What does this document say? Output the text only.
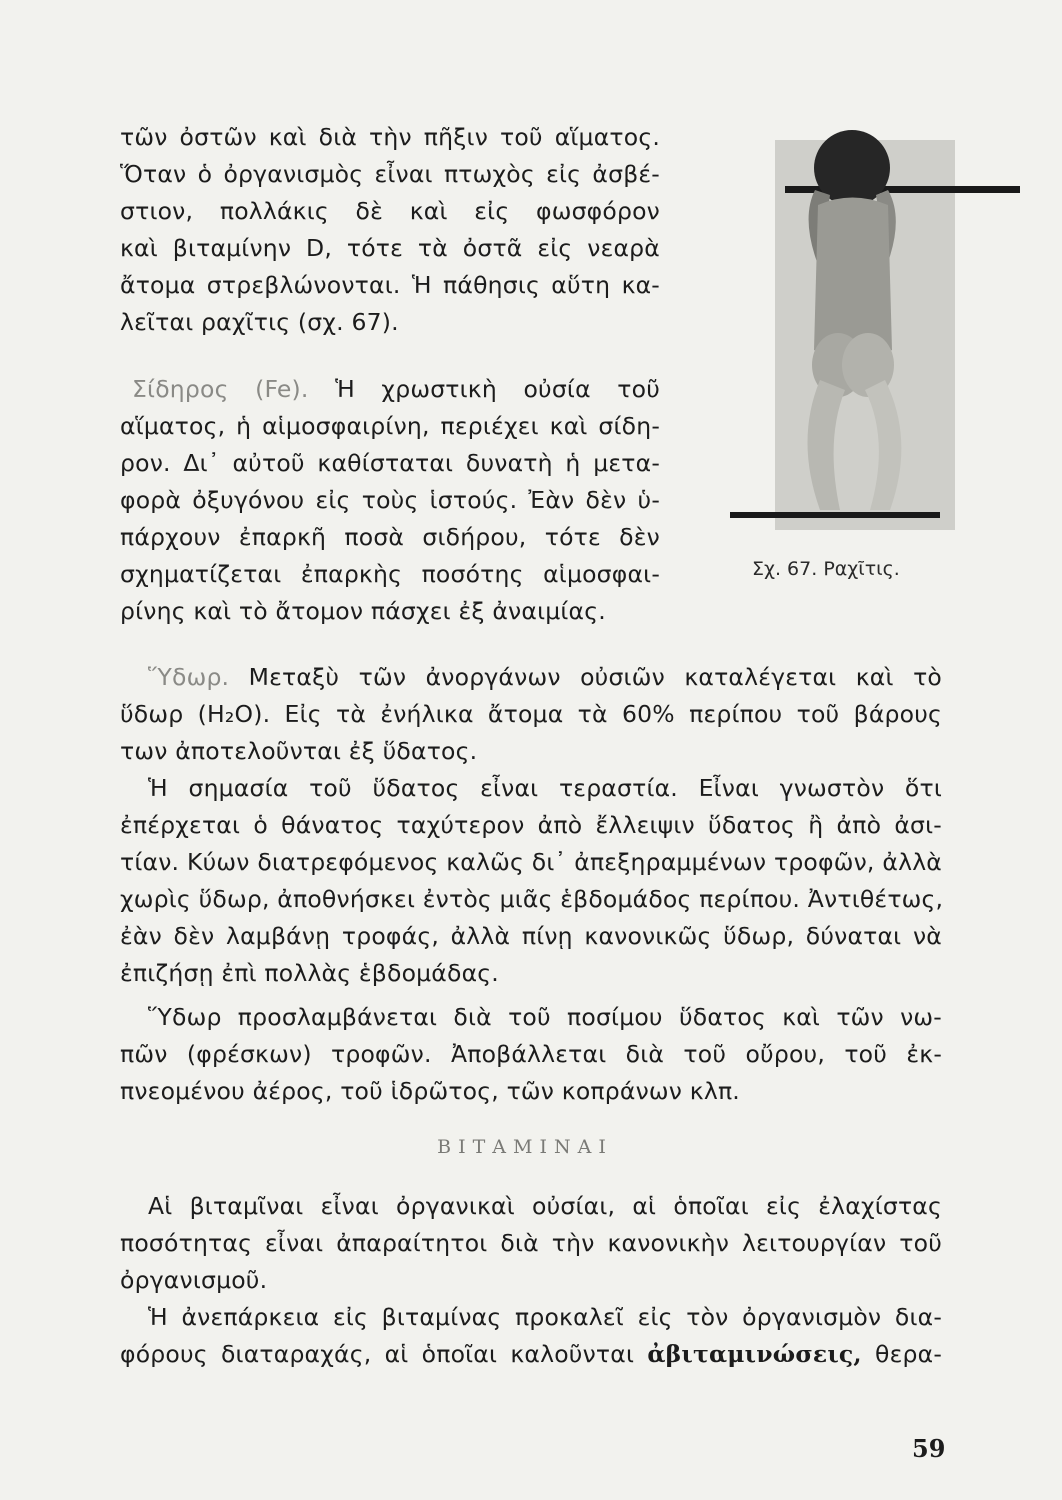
τῶν ὀστῶν καὶ διὰ τὴν πῆξιν τοῦ αἵματος.
Ὅταν ὁ ὀργανισμὸς εἶναι πτωχὸς εἰς ἀσβέ-
στιον, πολλάκις δὲ καὶ εἰς φωσφόρον
καὶ βιταμίνην D, τότε τὰ ὀστᾶ εἰς νεαρὰ
ἄτομα στρεβλώνονται. Ἡ πάθησις αὕτη κα-
λεῖται ραχῖτις (σχ. 67).
Σίδηρος (Fe). Ἡ χρωστικὴ οὐσία τοῦ
αἵματος, ἡ αἱμοσφαιρίνη, περιέχει καὶ σίδη-
ρον. Δι᾽ αὐτοῦ καθίσταται δυνατὴ ἡ μετα-
φορὰ ὀξυγόνου εἰς τοὺς ἱστούς. Ἐὰν δὲν ὑ-
πάρχουν ἐπαρκῆ ποσὰ σιδήρου, τότε δὲν
σχηματίζεται ἐπαρκὴς ποσότης αἱμοσφαι-
ρίνης καὶ τὸ ἄτομον πάσχει ἐξ ἀναιμίας.
Σχ. 67. Ραχῖτις.
Ὕδωρ. Μεταξὺ τῶν ἀνοργάνων οὐσιῶν καταλέγεται καὶ τὸ
ὕδωρ (H₂O). Εἰς τὰ ἐνήλικα ἄτομα τὰ 60% περίπου τοῦ βάρους
των ἀποτελοῦνται ἐξ ὕδατος.
Ἡ σημασία τοῦ ὕδατος εἶναι τεραστία. Εἶναι γνωστὸν ὅτι
ἐπέρχεται ὁ θάνατος ταχύτερον ἀπὸ ἔλλειψιν ὕδατος ἢ ἀπὸ ἀσι-
τίαν. Κύων διατρεφόμενος καλῶς δι᾽ ἀπεξηραμμένων τροφῶν, ἀλλὰ
χωρὶς ὕδωρ, ἀποθνήσκει ἐντὸς μιᾶς ἑβδομάδος περίπου. Ἀντιθέτως,
ἐὰν δὲν λαμβάνῃ τροφάς, ἀλλὰ πίνῃ κανονικῶς ὕδωρ, δύναται νὰ
ἐπιζήσῃ ἐπὶ πολλὰς ἑβδομάδας.
Ὕδωρ προσλαμβάνεται διὰ τοῦ ποσίμου ὕδατος καὶ τῶν νω-
πῶν (φρέσκων) τροφῶν. Ἀποβάλλεται διὰ τοῦ οὔρου, τοῦ ἐκ-
πνεομένου ἀέρος, τοῦ ἱδρῶτος, τῶν κοπράνων κλπ.
ΒΙΤΑΜΙΝΑΙ
Αἱ βιταμῖναι εἶναι ὀργανικαὶ οὐσίαι, αἱ ὁποῖαι εἰς ἐλαχίστας
ποσότητας εἶναι ἀπαραίτητοι διὰ τὴν κανονικὴν λειτουργίαν τοῦ
ὀργανισμοῦ.
Ἡ ἀνεπάρκεια εἰς βιταμίνας προκαλεῖ εἰς τὸν ὀργανισμὸν δια-
φόρους διαταραχάς, αἱ ὁποῖαι καλοῦνται ἀβιταμινώσεις, θερα-
59
